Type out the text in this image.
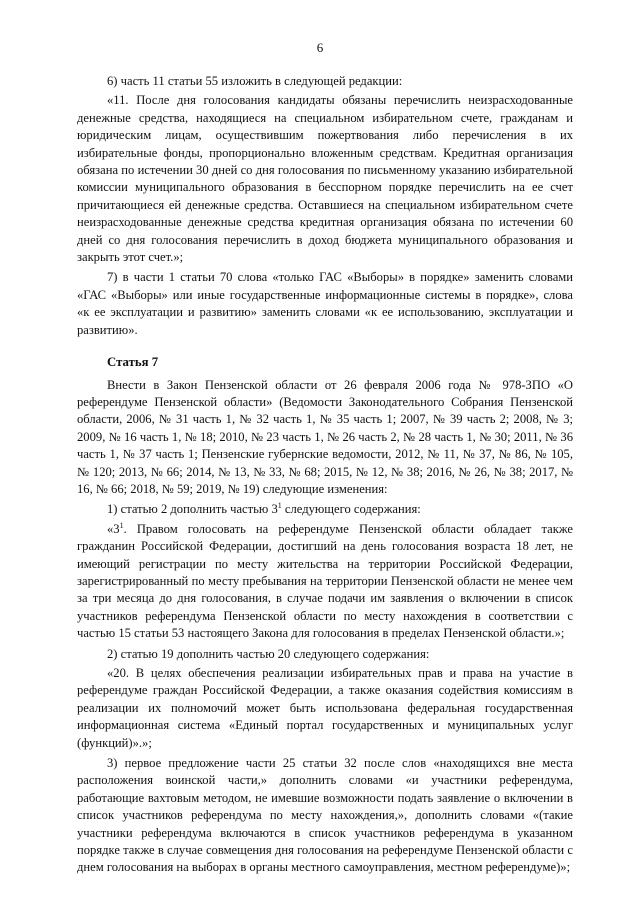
6

6) часть 11 статьи 55 изложить в следующей редакции:

«11. После дня голосования кандидаты обязаны перечислить неизрасходованные денежные средства, находящиеся на специальном избирательном счете, гражданам и юридическим лицам, осуществившим пожертвования либо перечисления в их избирательные фонды, пропорционально вложенным средствам. Кредитная организация обязана по истечении 30 дней со дня голосования по письменному указанию избирательной комиссии муниципального образования в бесспорном порядке перечислить на ее счет причитающиеся ей денежные средства. Оставшиеся на специальном избирательном счете неизрасходованные денежные средства кредитная организация обязана по истечении 60 дней со дня голосования перечислить в доход бюджета муниципального образования и закрыть этот счет.»;

7) в части 1 статьи 70 слова «только ГАС «Выборы» в порядке» заменить словами «ГАС «Выборы» или иные государственные информационные системы в порядке», слова «к ее эксплуатации и развитию» заменить словами «к ее использованию, эксплуатации и развитию».

Статья 7

Внести в Закон Пензенской области от 26 февраля 2006 года № 978-ЗПО «О референдуме Пензенской области» (Ведомости Законодательного Собрания Пензенской области, 2006, № 31 часть 1, № 32 часть 1, № 35 часть 1; 2007, № 39 часть 2; 2008, № 3; 2009, № 16 часть 1, № 18; 2010, № 23 часть 1, № 26 часть 2, № 28 часть 1, № 30; 2011, № 36 часть 1, № 37 часть 1; Пензенские губернские ведомости, 2012, № 11, № 37, № 86, № 105, № 120; 2013, № 66; 2014, № 13, № 33, № 68; 2015, № 12, № 38; 2016, № 26, № 38; 2017, № 16, № 66; 2018, № 59; 2019, № 19) следующие изменения:

1) статью 2 дополнить частью $3^1$ следующего содержания:

«$3^1$. Правом голосовать на референдуме Пензенской области обладает также гражданин Российской Федерации, достигший на день голосования возраста 18 лет, не имеющий регистрации по месту жительства на территории Российской Федерации, зарегистрированный по месту пребывания на территории Пензенской области не менее чем за три месяца до дня голосования, в случае подачи им заявления о включении в список участников референдума Пензенской области по месту нахождения в соответствии с частью 15 статьи 53 настоящего Закона для голосования в пределах Пензенской области.»;

2) статью 19 дополнить частью 20 следующего содержания:

«20. В целях обеспечения реализации избирательных прав и права на участие в референдуме граждан Российской Федерации, а также оказания содействия комиссиям в реализации их полномочий может быть использована федеральная государственная информационная система «Единый портал государственных и муниципальных услуг (функций)».»;

3) первое предложение части 25 статьи 32 после слов «находящихся вне места расположения воинской части,» дополнить словами «и участники референдума, работающие вахтовым методом, не имевшие возможности подать заявление о включении в список участников референдума по месту нахождения,», дополнить словами «(такие участники референдума включаются в список участников референдума в указанном порядке также в случае совмещения дня голосования на референдуме Пензенской области с днем голосования на выборах в органы местного самоуправления, местном референдуме)»;
